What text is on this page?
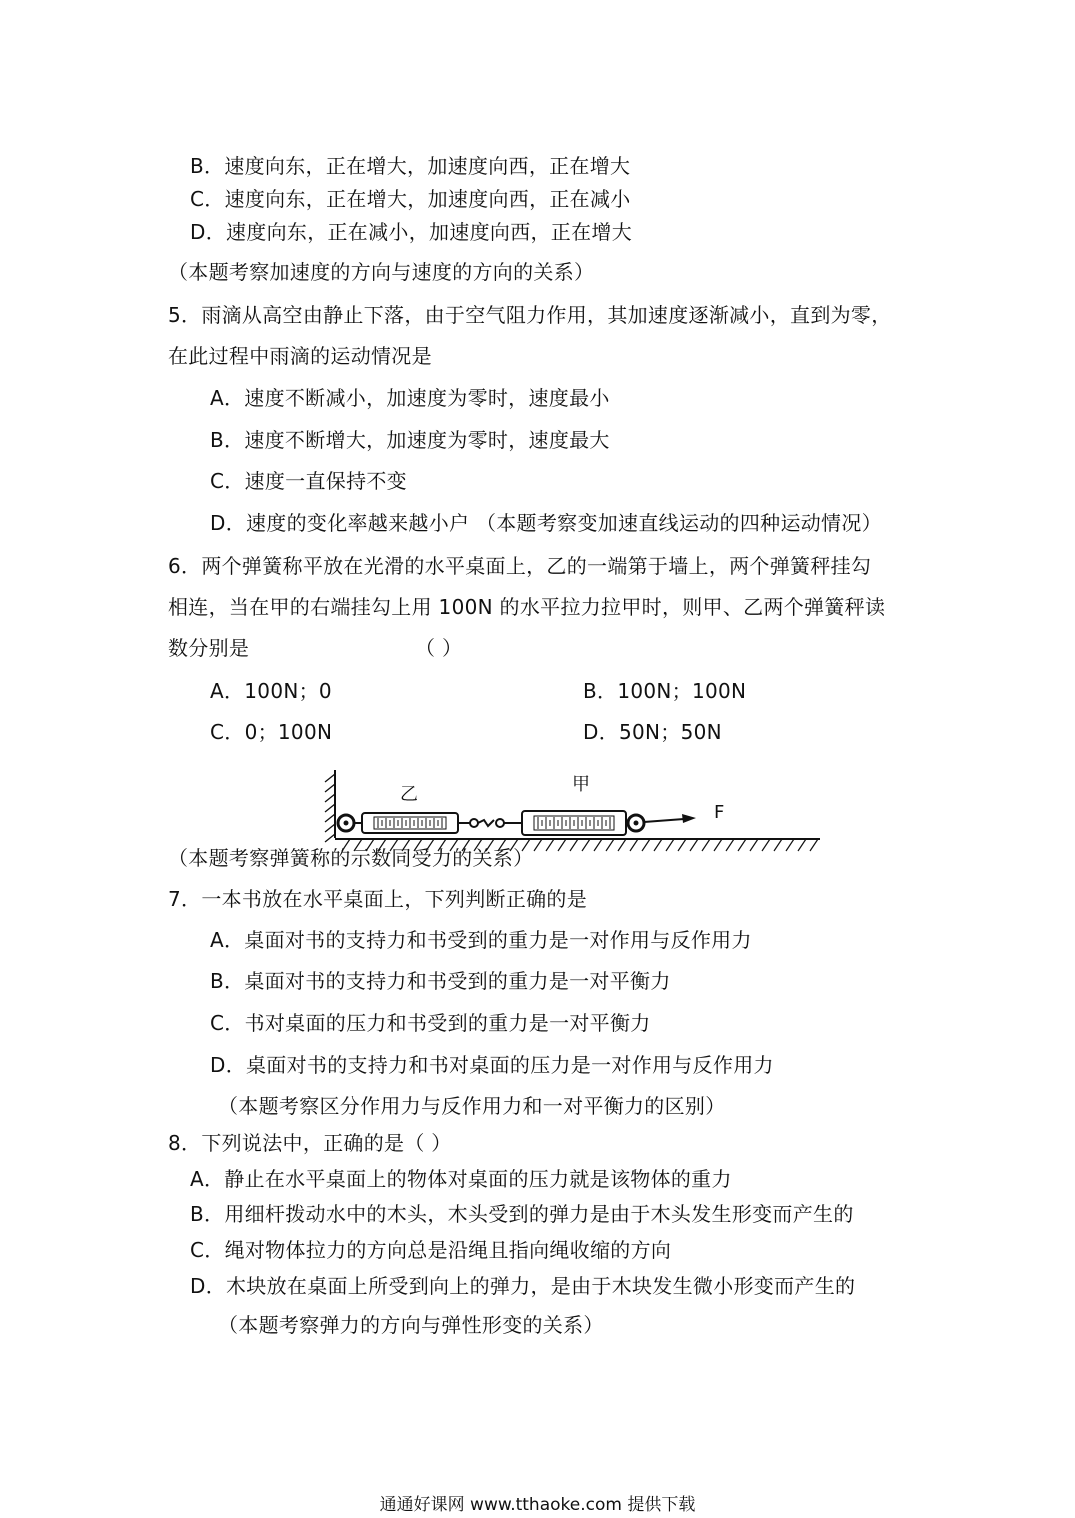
B．速度向东，正在增大，加速度向西，正在增大
C．速度向东，正在增大，加速度向西，正在减小
D．速度向东，正在减小，加速度向西，正在增大
（本题考察加速度的方向与速度的方向的关系）
5．雨滴从高空由静止下落，由于空气阻力作用，其加速度逐渐减小，直到为零，
在此过程中雨滴的运动情况是
A．速度不断减小，加速度为零时，速度最小
B．速度不断增大，加速度为零时，速度最大
C．速度一直保持不变
D．速度的变化率越来越小户 （本题考察变加速直线运动的四种运动情况）
6．两个弹簧称平放在光滑的水平桌面上，乙的一端第于墙上，两个弹簧秤挂勾
相连，当在甲的右端挂勾上用 100N 的水平拉力拉甲时，则甲、乙两个弹簧秤读
数分别是	（ ）
A．100N；0	B．100N；100N
C．0；100N	D．50N；50N
乙	甲
F
（本题考察弹簧称的示数同受力的关系）
7．一本书放在水平桌面上，下列判断正确的是
A．桌面对书的支持力和书受到的重力是一对作用与反作用力
B．桌面对书的支持力和书受到的重力是一对平衡力
C．书对桌面的压力和书受到的重力是一对平衡力
D．桌面对书的支持力和书对桌面的压力是一对作用与反作用力
（本题考察区分作用力与反作用力和一对平衡力的区别）
8．下列说法中，正确的是（ ）
A．静止在水平桌面上的物体对桌面的压力就是该物体的重力
B．用细杆拨动水中的木头，木头受到的弹力是由于木头发生形变而产生的
C．绳对物体拉力的方向总是沿绳且指向绳收缩的方向
D．木块放在桌面上所受到向上的弹力，是由于木块发生微小形变而产生的
（本题考察弹力的方向与弹性形变的关系）
通通好课网 www.tthaoke.com 提供下载
